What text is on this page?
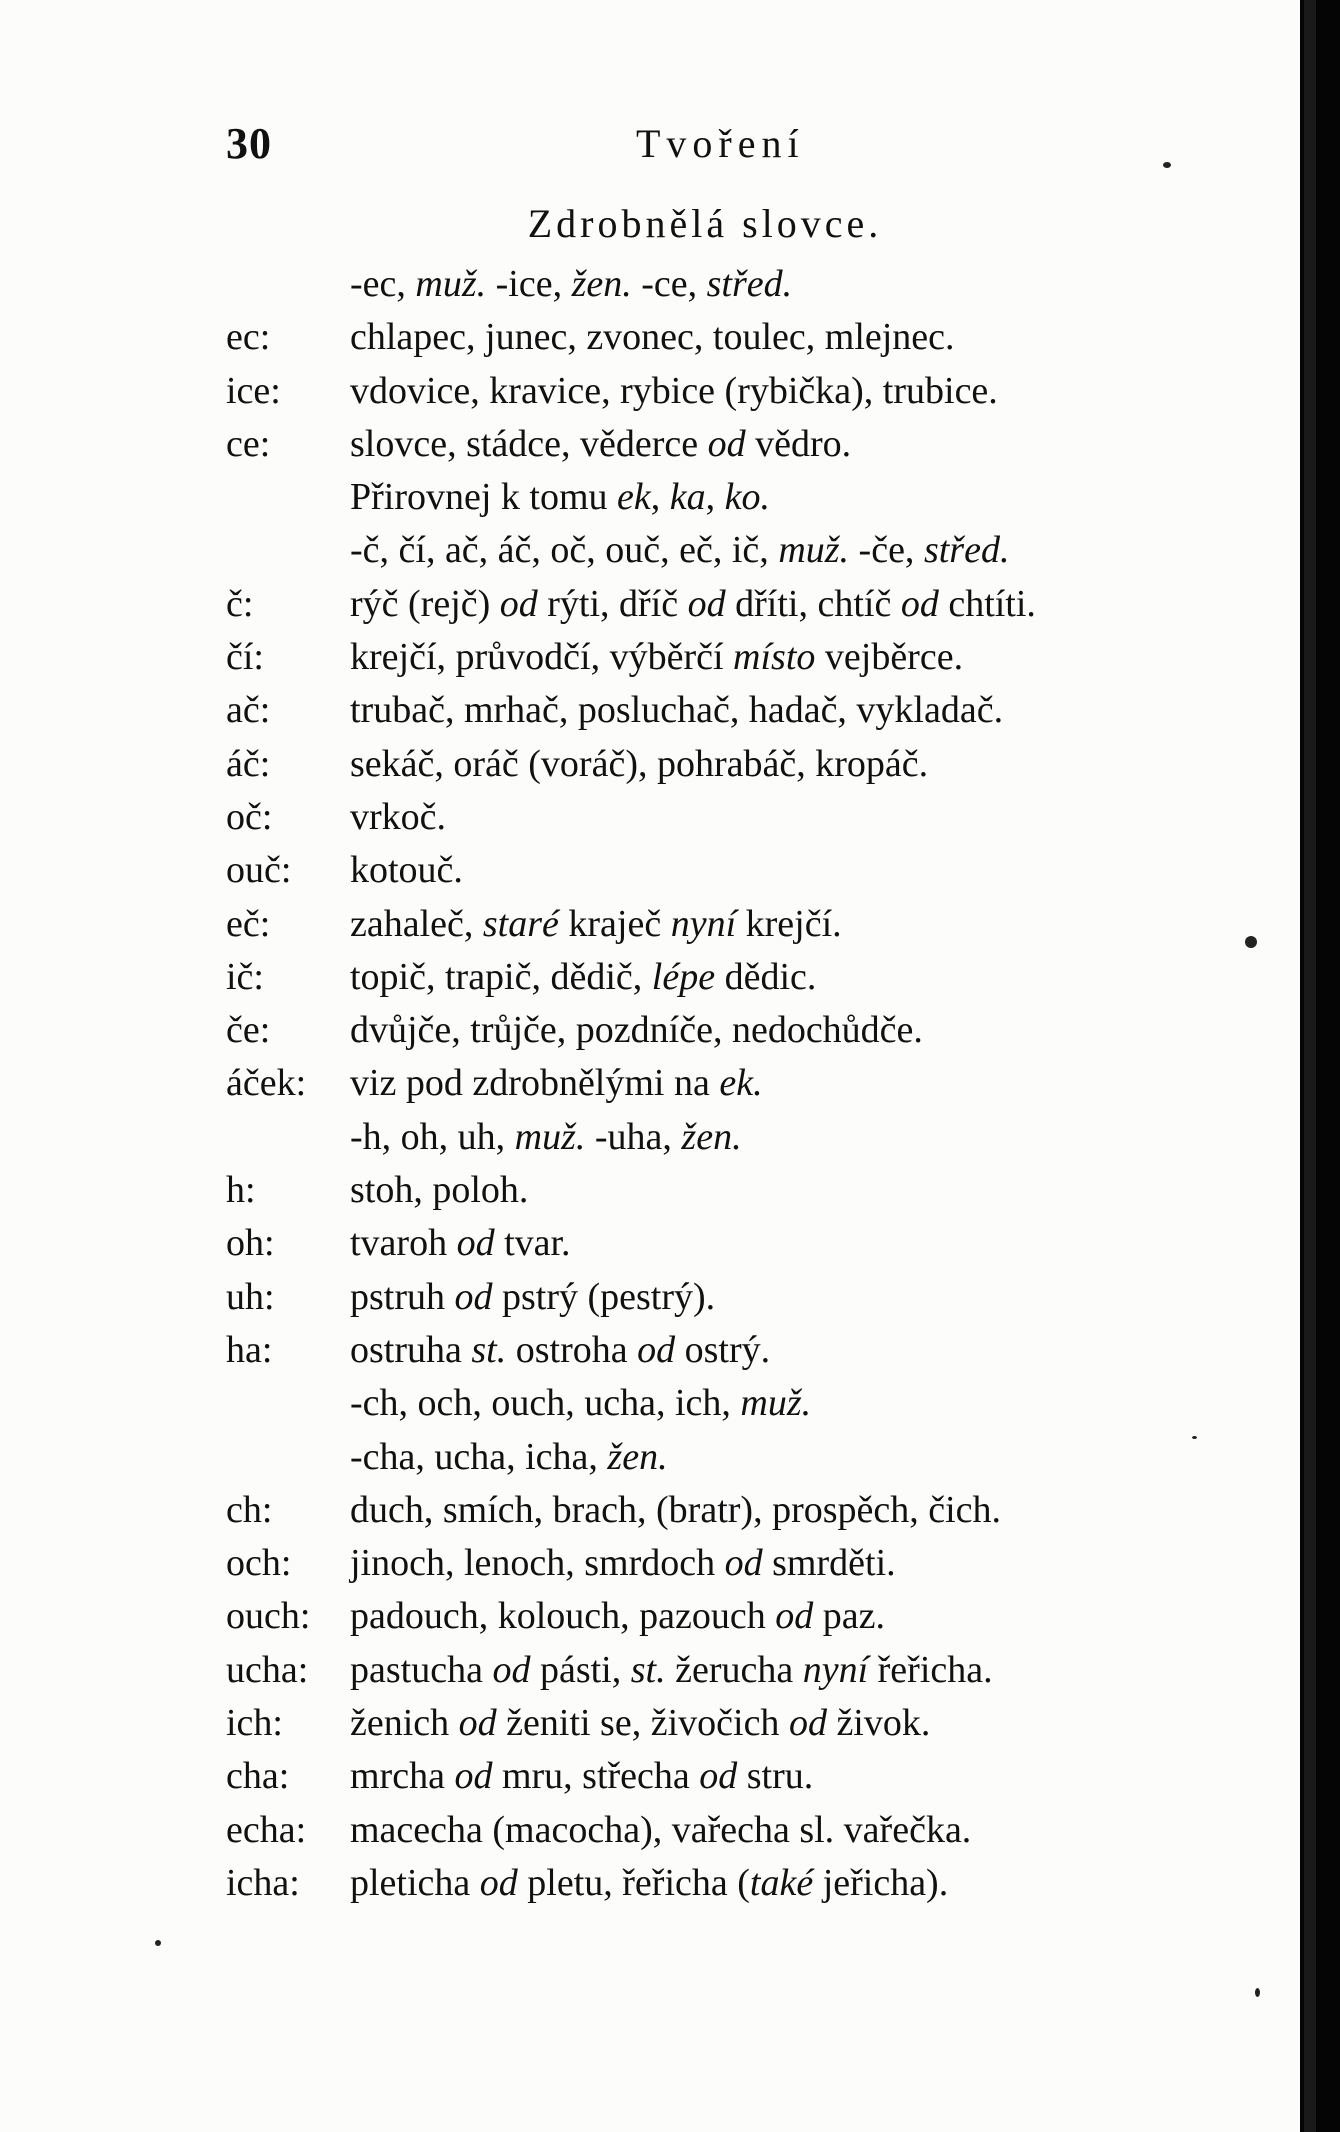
30	Tvoření
Zdrobnělá slovce.
-ec, muž. -ice, žen. -ce, střed.
ec: chlapec, junec, zvonec, toulec, mlejnec.
ice: vdovice, kravice, rybice (rybička), trubice.
ce: slovce, stádce, věderce od vědro.
Přirovnej k tomu ek, ka, ko.
-č, čí, ač, áč, oč, ouč, eč, ič, muž. -če, střed.
č:	rýč (rejč) od rýti, dříč od dříti, chtíč od chtíti.
čí: krejčí, průvodčí, výběrčí místo vejběrce.
ač: trubač, mrhač, posluchač, hadač, vykladač.
áč: sekáč, oráč (voráč), pohrabáč, kropáč.
oč: vrkoč.
ouč: kotouč.
eč: zahaleč, staré kraječ nyní krejčí.
ič: topič, trapič, dědič, lépe dědic.
če: dvůjče, trůjče, pozdníče, nedochůdče.
áček: viz pod zdrobnělými na ek.
-h, oh, uh, muž. -uha, žen.
h: stoh, poloh.
oh: tvaroh od tvar.
uh: pstruh od pstrý (pestrý).
ha: ostruha st. ostroha od ostrý.
-ch, och, ouch, ucha, ich, muž.
-cha, ucha, icha, žen.
ch: duch, smích, brach, (bratr), prospěch, čich.
och: jinoch, lenoch, smrdoch od smrděti.
ouch: padouch, kolouch, pazouch od paz.
ucha: pastucha od pásti, st. žerucha nyní řeřicha.
ich: ženich od ženiti se, živočich od živok.
cha: mrcha od mru, střecha od stru.
echa: macecha (macocha), vařecha sl. vařečka.
icha: pleticha od pletu, řeřicha (také jeřicha).
